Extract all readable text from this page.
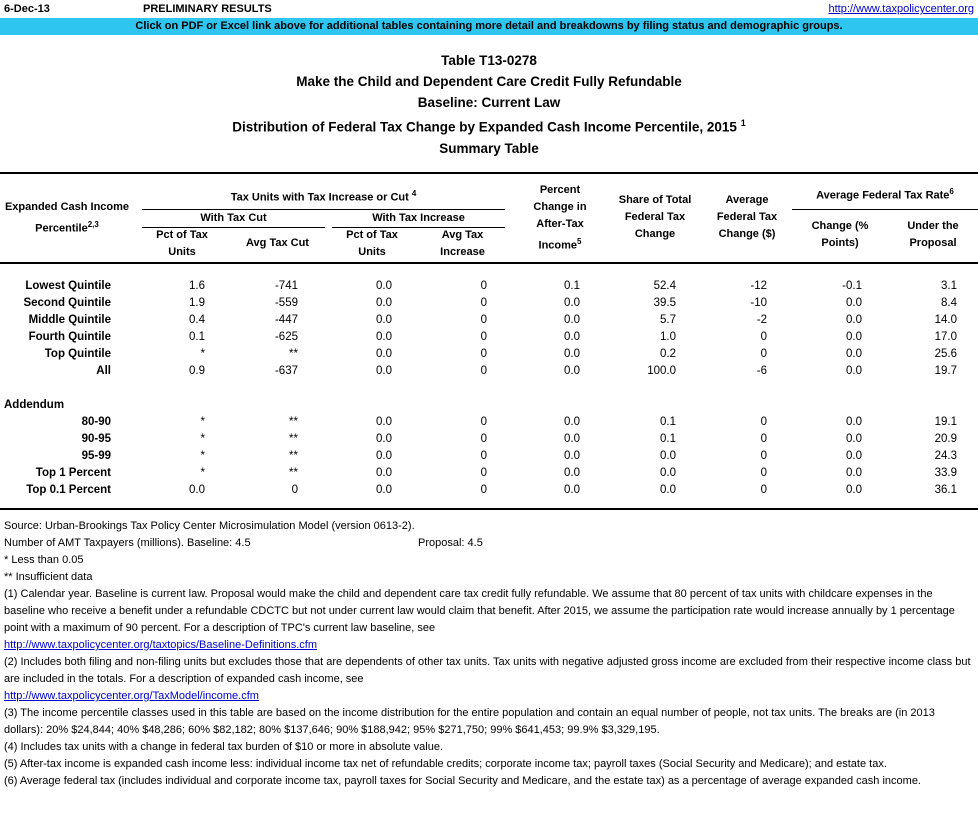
6-Dec-13	PRELIMINARY RESULTS	http://www.taxpolicycenter.org
Click on PDF or Excel link above for additional tables containing more detail and breakdowns by filing status and demographic groups.
Table T13-0278
Make the Child and Dependent Care Credit Fully Refundable
Baseline: Current Law
Distribution of Federal Tax Change by Expanded Cash Income Percentile, 2015 $^1$
Summary Table
Expanded Cash Income
Percentile$^{2,3}$
Tax Units with Tax Increase or Cut $^4$
With Tax Cut	With Tax Increase
Pct of Tax
Units
Avg Tax Cut
Pct of Tax
Units
Avg Tax
Increase
Percent
Change in
After-Tax
Income$^5$
Share of Total
Federal Tax
Change
Average
Federal Tax
Change ($)
Average Federal Tax Rate$^6$
Change (%
Points)
Under the
Proposal
Lowest Quintile	1.6	-741	0.0	0	0.1	52.4	-12	-0.1	3.1
Second Quintile	1.9	-559	0.0	0	0.0	39.5	-10	0.0	8.4
Middle Quintile	0.4	-447	0.0	0	0.0	5.7	-2	0.0	14.0
Fourth Quintile	0.1	-625	0.0	0	0.0	1.0	0	0.0	17.0
Top Quintile	*	**	0.0	0	0.0	0.2	0	0.0	25.6
All	0.9	-637	0.0	0	0.0	100.0	-6	0.0	19.7
80-90	*	**	0.0	0	0.0	0.1	0	0.0	19.1
90-95	*	**	0.0	0	0.0	0.1	0	0.0	20.9
95-99	*	**	0.0	0	0.0	0.0	0	0.0	24.3
Top 1 Percent	*	**	0.0	0	0.0	0.0	0	0.0	33.9
Top 0.1 Percent	0.0	0	0.0	0	0.0	0.0	0	0.0	36.1
Addendum
Source: Urban-Brookings Tax Policy Center Microsimulation Model (version 0613-2).
Number of AMT Taxpayers (millions). Baseline: 4.5	Proposal: 4.5
* Less than 0.05
** Insufficient data
(1) Calendar year. Baseline is current law. Proposal would make the child and dependent care tax credit fully refundable. We assume that 80 percent of tax units with childcare expenses in the baseline who receive a benefit under a refundable CDCTC but not under current law would claim that benefit. After 2015, we assume the participation rate would increase annually by 1 percentage point with a maximum of 90 percent. For a description of TPC's current law baseline, see
http://www.taxpolicycenter.org/taxtopics/Baseline-Definitions.cfm
(2) Includes both filing and non-filing units but excludes those that are dependents of other tax units. Tax units with negative adjusted gross income are excluded from their respective income class but are included in the totals. For a description of expanded cash income, see
http://www.taxpolicycenter.org/TaxModel/income.cfm
(3) The income percentile classes used in this table are based on the income distribution for the entire population and contain an equal number of people, not tax units. The breaks are (in 2013 dollars): 20% $24,844; 40% $48,286; 60% $82,182; 80% $137,646; 90% $188,942; 95% $271,750; 99% $641,453; 99.9% $3,329,195.
(4) Includes tax units with a change in federal tax burden of $10 or more in absolute value.
(5) After-tax income is expanded cash income less: individual income tax net of refundable credits; corporate income tax; payroll taxes (Social Security and Medicare); and estate tax.
(6) Average federal tax (includes individual and corporate income tax, payroll taxes for Social Security and Medicare, and the estate tax) as a percentage of average expanded cash income.
